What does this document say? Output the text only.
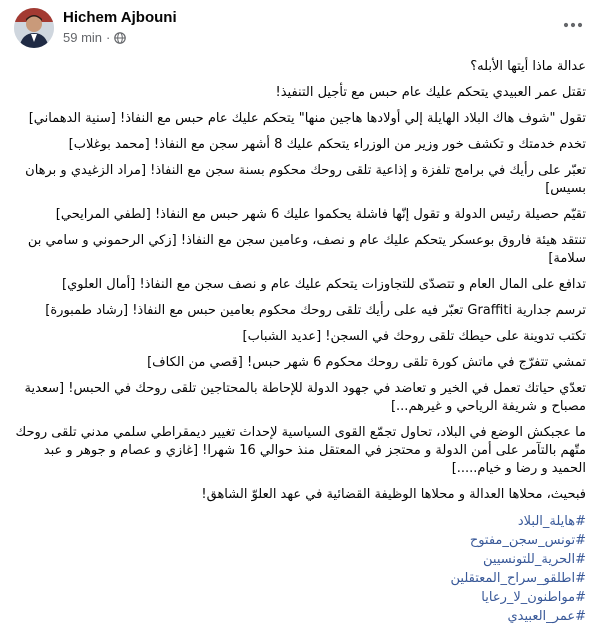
Hichem Ajbouni
59 min ·

عدالة ماذا أيتها الأبله؟

تقتل عمر العبيدي يتحكم عليك عام حبس مع تأجيل التنفيذ!

تقول "شوف هاك البلاد الهايلة إلي أولادها هاجين منها" يتحكم عليك عام حبس مع النفاذ! [سنية الدهماني]

تخدم خدمتك و تكشف خور وزير من الوزراء يتحكم عليك 8 أشهر سجن مع النفاذ! [محمد بوغلاب]

تعبّر على رأيك في برامج تلفزة و إذاعية تلقى روحك محكوم بسنة سجن مع النفاذ! [مراد الزغيدي و برهان بسيس]

تقيّم حصيلة رئيس الدولة و تقول إنّها فاشلة يحكموا عليك 6 شهر حبس مع النفاذ! [لطفي المرايحي]

تنتقد هيئة فاروق بوعسكر يتحكم عليك عام و نصف، وعامين سجن مع النفاذ! [زكي الرحموني و سامي بن سلامة]

تدافع على المال العام و تتصدّى للتجاوزات يتحكم عليك عام و نصف سجن مع النفاذ! [أمال العلوي]

ترسم جدارية Graffiti تعبّر فيه على رأيك تلقى روحك محكوم بعامين حبس مع النفاذ! [رشاد طمبورة]

تكتب تدوينة على حيطك تلقى روحك في السجن! [عديد الشباب]

تمشي تتفرّج في ماتش كورة تلقى روحك محكوم 6 شهر حبس! [قصي من الكاف]

تعدّي حياتك تعمل في الخير و تعاضد في جهود الدولة للإحاطة بالمحتاجين تلقى روحك في الحبس! [سعدية مصباح و شريفة الرياحي و غيرهم...]

ما عجبكش الوضع في البلاد، تحاول تجمّع القوى السياسية لإحداث تغيير ديمقراطي سلمي مدني تلقى روحك متّهم بالتآمر على أمن الدولة و محتجز في المعتقل منذ حوالي 16 شهرا! [غازي و عصام و جوهر و عبد الحميد و رضا و خيام.....]

فبحيث، محلاها العدالة و محلاها الوظيفة القضائية في عهد العلوّ الشاهق!

#هايلة_البلاد
#تونس_سجن_مفتوح
#الحرية_للتونسيين
#اطلقو_سراح_المعتقلين
#مواطنون_لا_رعايا
#عمر_العبيدي
